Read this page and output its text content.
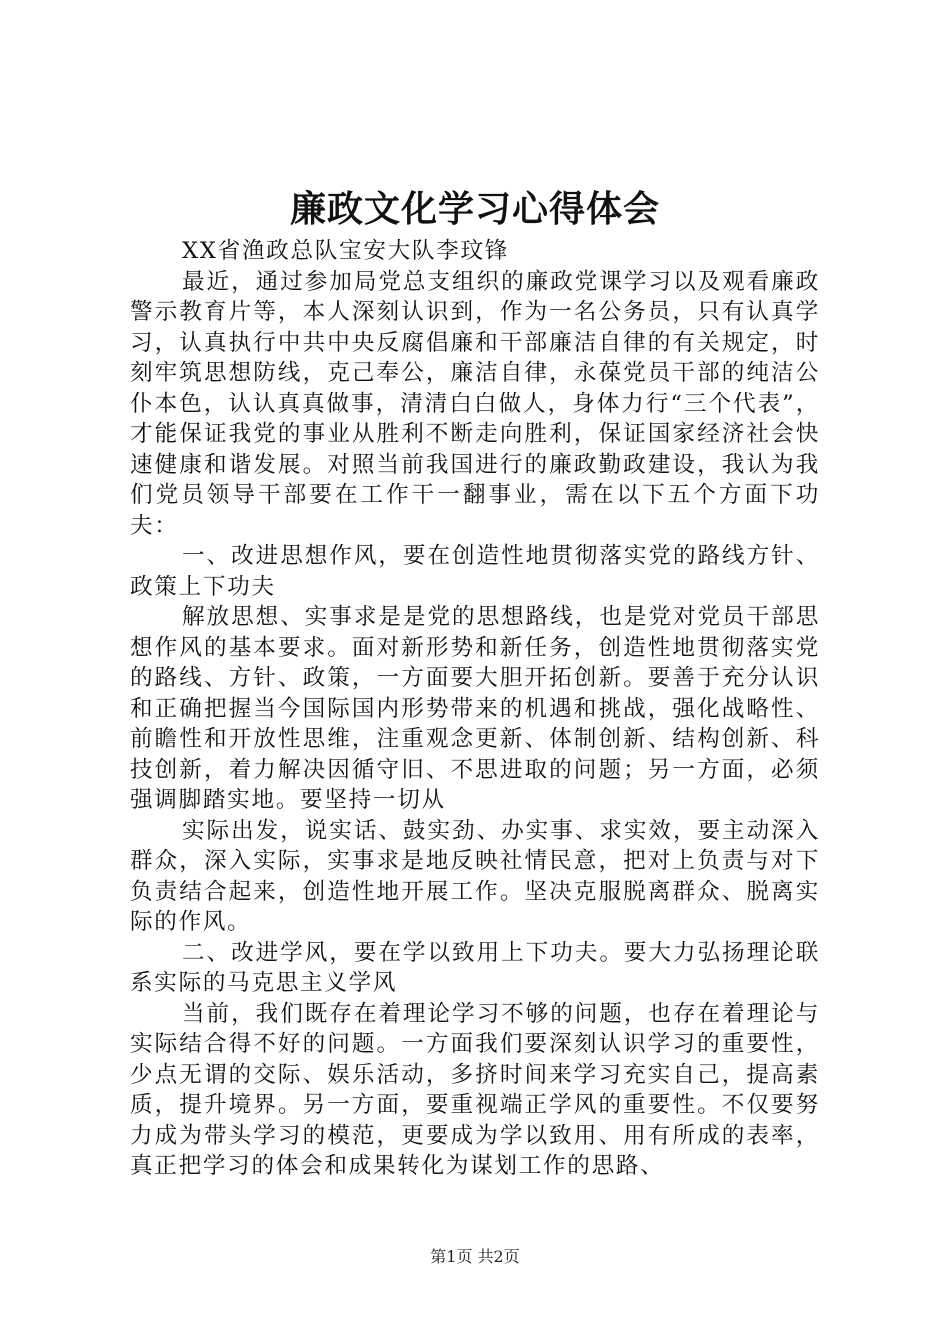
廉政文化学习心得体会

XX省渔政总队宝安大队李玟锋

最近，通过参加局党总支组织的廉政党课学习以及观看廉政警示教育片等，本人深刻认识到，作为一名公务员，只有认真学习，认真执行中共中央反腐倡廉和干部廉洁自律的有关规定，时刻牢筑思想防线，克己奉公，廉洁自律，永葆党员干部的纯洁公仆本色，认认真真做事，清清白白做人，身体力行“三个代表”，才能保证我党的事业从胜利不断走向胜利，保证国家经济社会快速健康和谐发展。对照当前我国进行的廉政勤政建设，我认为我们党员领导干部要在工作干一翻事业，需在以下五个方面下功夫：

一、改进思想作风，要在创造性地贯彻落实党的路线方针、政策上下功夫

解放思想、实事求是是党的思想路线，也是党对党员干部思想作风的基本要求。面对新形势和新任务，创造性地贯彻落实党的路线、方针、政策，一方面要大胆开拓创新。要善于充分认识和正确把握当今国际国内形势带来的机遇和挑战，强化战略性、前瞻性和开放性思维，注重观念更新、体制创新、结构创新、科技创新，着力解决因循守旧、不思进取的问题；另一方面，必须强调脚踏实地。要坚持一切从

实际出发，说实话、鼓实劲、办实事、求实效，要主动深入群众，深入实际，实事求是地反映社情民意，把对上负责与对下负责结合起来，创造性地开展工作。坚决克服脱离群众、脱离实际的作风。

二、改进学风，要在学以致用上下功夫。要大力弘扬理论联系实际的马克思主义学风

当前，我们既存在着理论学习不够的问题，也存在着理论与实际结合得不好的问题。一方面我们要深刻认识学习的重要性，少点无谓的交际、娱乐活动，多挤时间来学习充实自己，提高素质，提升境界。另一方面，要重视端正学风的重要性。不仅要努力成为带头学习的模范，更要成为学以致用、用有所成的表率，真正把学习的体会和成果转化为谋划工作的思路、

第1页 共2页
